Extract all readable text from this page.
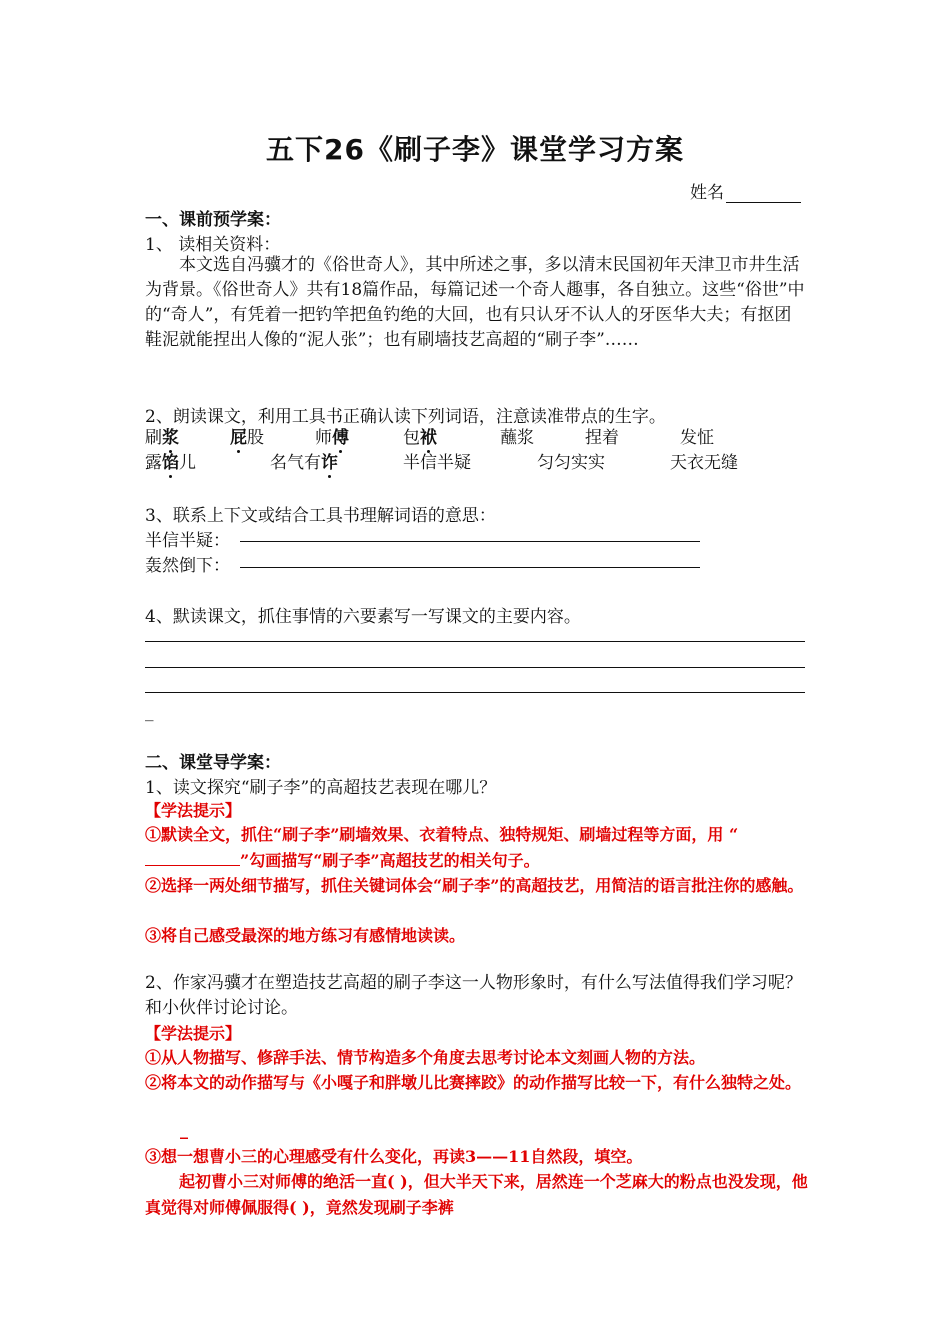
五下26《刷子李》课堂学习方案
姓名
一、课前预学案：
1、 读相关资料：
本文选自冯骥才的《俗世奇人》，其中所述之事，多以清末民国初年天津卫市井生活为背景。《俗世奇人》共有18篇作品，每篇记述一个奇人趣事，各自独立。这些“俗世”中的“奇人”，有凭着一把钓竿把鱼钓绝的大回，也有只认牙不认人的牙医华大夫；有抠团鞋泥就能捏出人像的“泥人张”；也有刷墙技艺高超的“刷子李”……
2、朗读课文，利用工具书正确认读下列词语，注意读准带点的生字。
刷浆	屁股	师傅	包袱	蘸浆	捏着	发怔
露馅儿	名气有诈	半信半疑	匀匀实实	天衣无缝
3、联系上下文或结合工具书理解词语的意思：
半信半疑：
轰然倒下：
4、默读课文，抓住事情的六要素写一写课文的主要内容。
_
二、课堂导学案：
1、读文探究“刷子李”的高超技艺表现在哪儿？
【学法提示】
①默读全文，抓住“刷子李”刷墙效果、衣着特点、独特规矩、刷墙过程等方面，用 “”勾画描写“刷子李”高超技艺的相关句子。
②选择一两处细节描写，抓住关键词体会“刷子李”的高超技艺，用简洁的语言批注你的感触。
③将自己感受最深的地方练习有感情地读读。
2、作家冯骥才在塑造技艺高超的刷子李这一人物形象时，有什么写法值得我们学习呢？和小伙伴讨论讨论。
【学法提示】
①从人物描写、修辞手法、情节构造多个角度去思考讨论本文刻画人物的方法。
②将本文的动作描写与《小嘎子和胖墩儿比赛摔跤》的动作描写比较一下，有什么独特之处。
_
③想一想曹小三的心理感受有什么变化，再读3——11自然段，填空。
起初曹小三对师傅的绝活一直( )，但大半天下来，居然连一个芝麻大的粉点也没发现，他真觉得对师傅佩服得( )，竟然发现刷子李裤
